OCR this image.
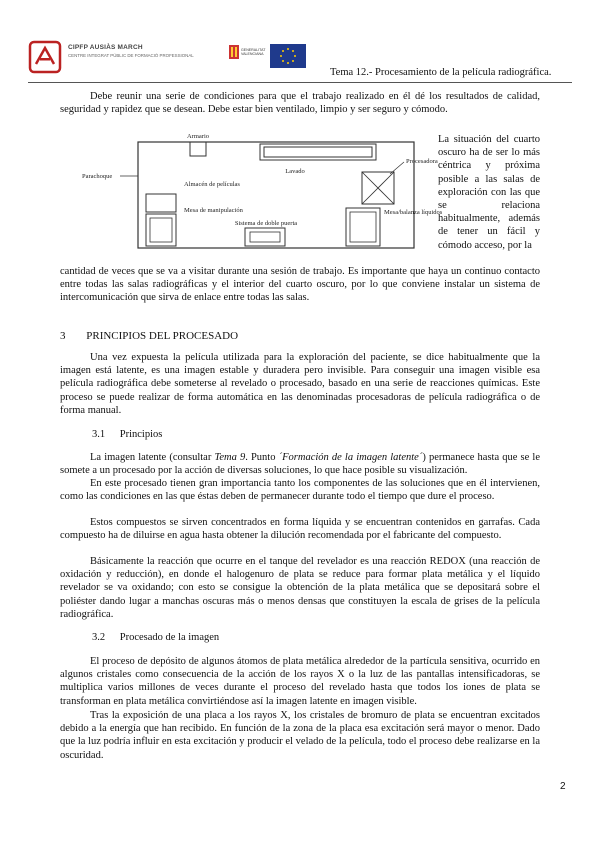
CIPFP AUSIÀS MARCH
CENTRE INTEGRAT PÚBLIC DE FORMACIÓ PROFESSIONAL
GENERALITAT VALENCIANA
Tema 12.- Procesamiento de la película radiográfica.

Debe reunir una serie de condiciones para que el trabajo realizado en él dé los resultados de calidad, seguridad y rapidez que se desean. Debe estar bien ventilado, limpio y ser seguro y cómodo.

Armario
Lavado
Procesadora
Parachoque
Almacén de películas
Mesa de manipulación
Sistema de doble puerta
Mesa/balanza líquidos
La situación del cuarto oscuro ha de ser lo más céntrica y próxima posible a las salas de exploración con las que se relaciona habitualmente, además de tener un fácil y cómodo acceso, por la

cantidad de veces que se va a visitar durante una sesión de trabajo. Es importante que haya un continuo contacto entre todas las salas radiográficas y el interior del cuarto oscuro, por lo que conviene instalar un sistema de intercomunicación que sirva de enlace entre todas las salas.

3 PRINCIPIOS DEL PROCESADO

Una vez expuesta la película utilizada para la exploración del paciente, se dice habitualmente que la imagen está latente, es una imagen estable y duradera pero invisible. Para conseguir una imagen visible esa película radiográfica debe someterse al revelado o procesado, basado en una serie de reacciones químicas. Este proceso se puede realizar de forma automática en las denominadas procesadoras de película radiográfica o de forma manual.

3.1 Principios

La imagen latente (consultar Tema 9. Punto ´Formación de la imagen latente´) permanece hasta que se le somete a un procesado por la acción de diversas soluciones, lo que hace posible su visualización.

En este procesado tienen gran importancia tanto los componentes de las soluciones que en él intervienen, como las condiciones en las que éstas deben de permanecer durante todo el tiempo que dure el proceso.

Estos compuestos se sirven concentrados en forma líquida y se encuentran contenidos en garrafas. Cada compuesto ha de diluirse en agua hasta obtener la dilución recomendada por el fabricante del compuesto.

Básicamente la reacción que ocurre en el tanque del revelador es una reacción REDOX (una reacción de oxidación y reducción), en donde el halogenuro de plata se reduce para formar plata metálica y el líquido revelador se va oxidando; con esto se consigue la obtención de la plata metálica que se depositará sobre el poliéster dando lugar a manchas oscuras más o menos densas que constituyen la escala de grises de la película radiográfica.

3.2 Procesado de la imagen

El proceso de depósito de algunos átomos de plata metálica alrededor de la partícula sensitiva, ocurrido en algunos cristales como consecuencia de la acción de los rayos X o la luz de las pantallas intensificadoras, se multiplica varios millones de veces durante el proceso del revelado hasta que todos los iones de plata se transforman en plata metálica convirtiéndose así la imagen latente en imagen visible.

Tras la exposición de una placa a los rayos X, los cristales de bromuro de plata se encuentran excitados debido a la energía que han recibido. En función de la zona de la placa esa excitación será mayor o menor. Dado que la luz podría influir en esta excitación y producir el velado de la película, todo el proceso debe realizarse en la oscuridad.

2
